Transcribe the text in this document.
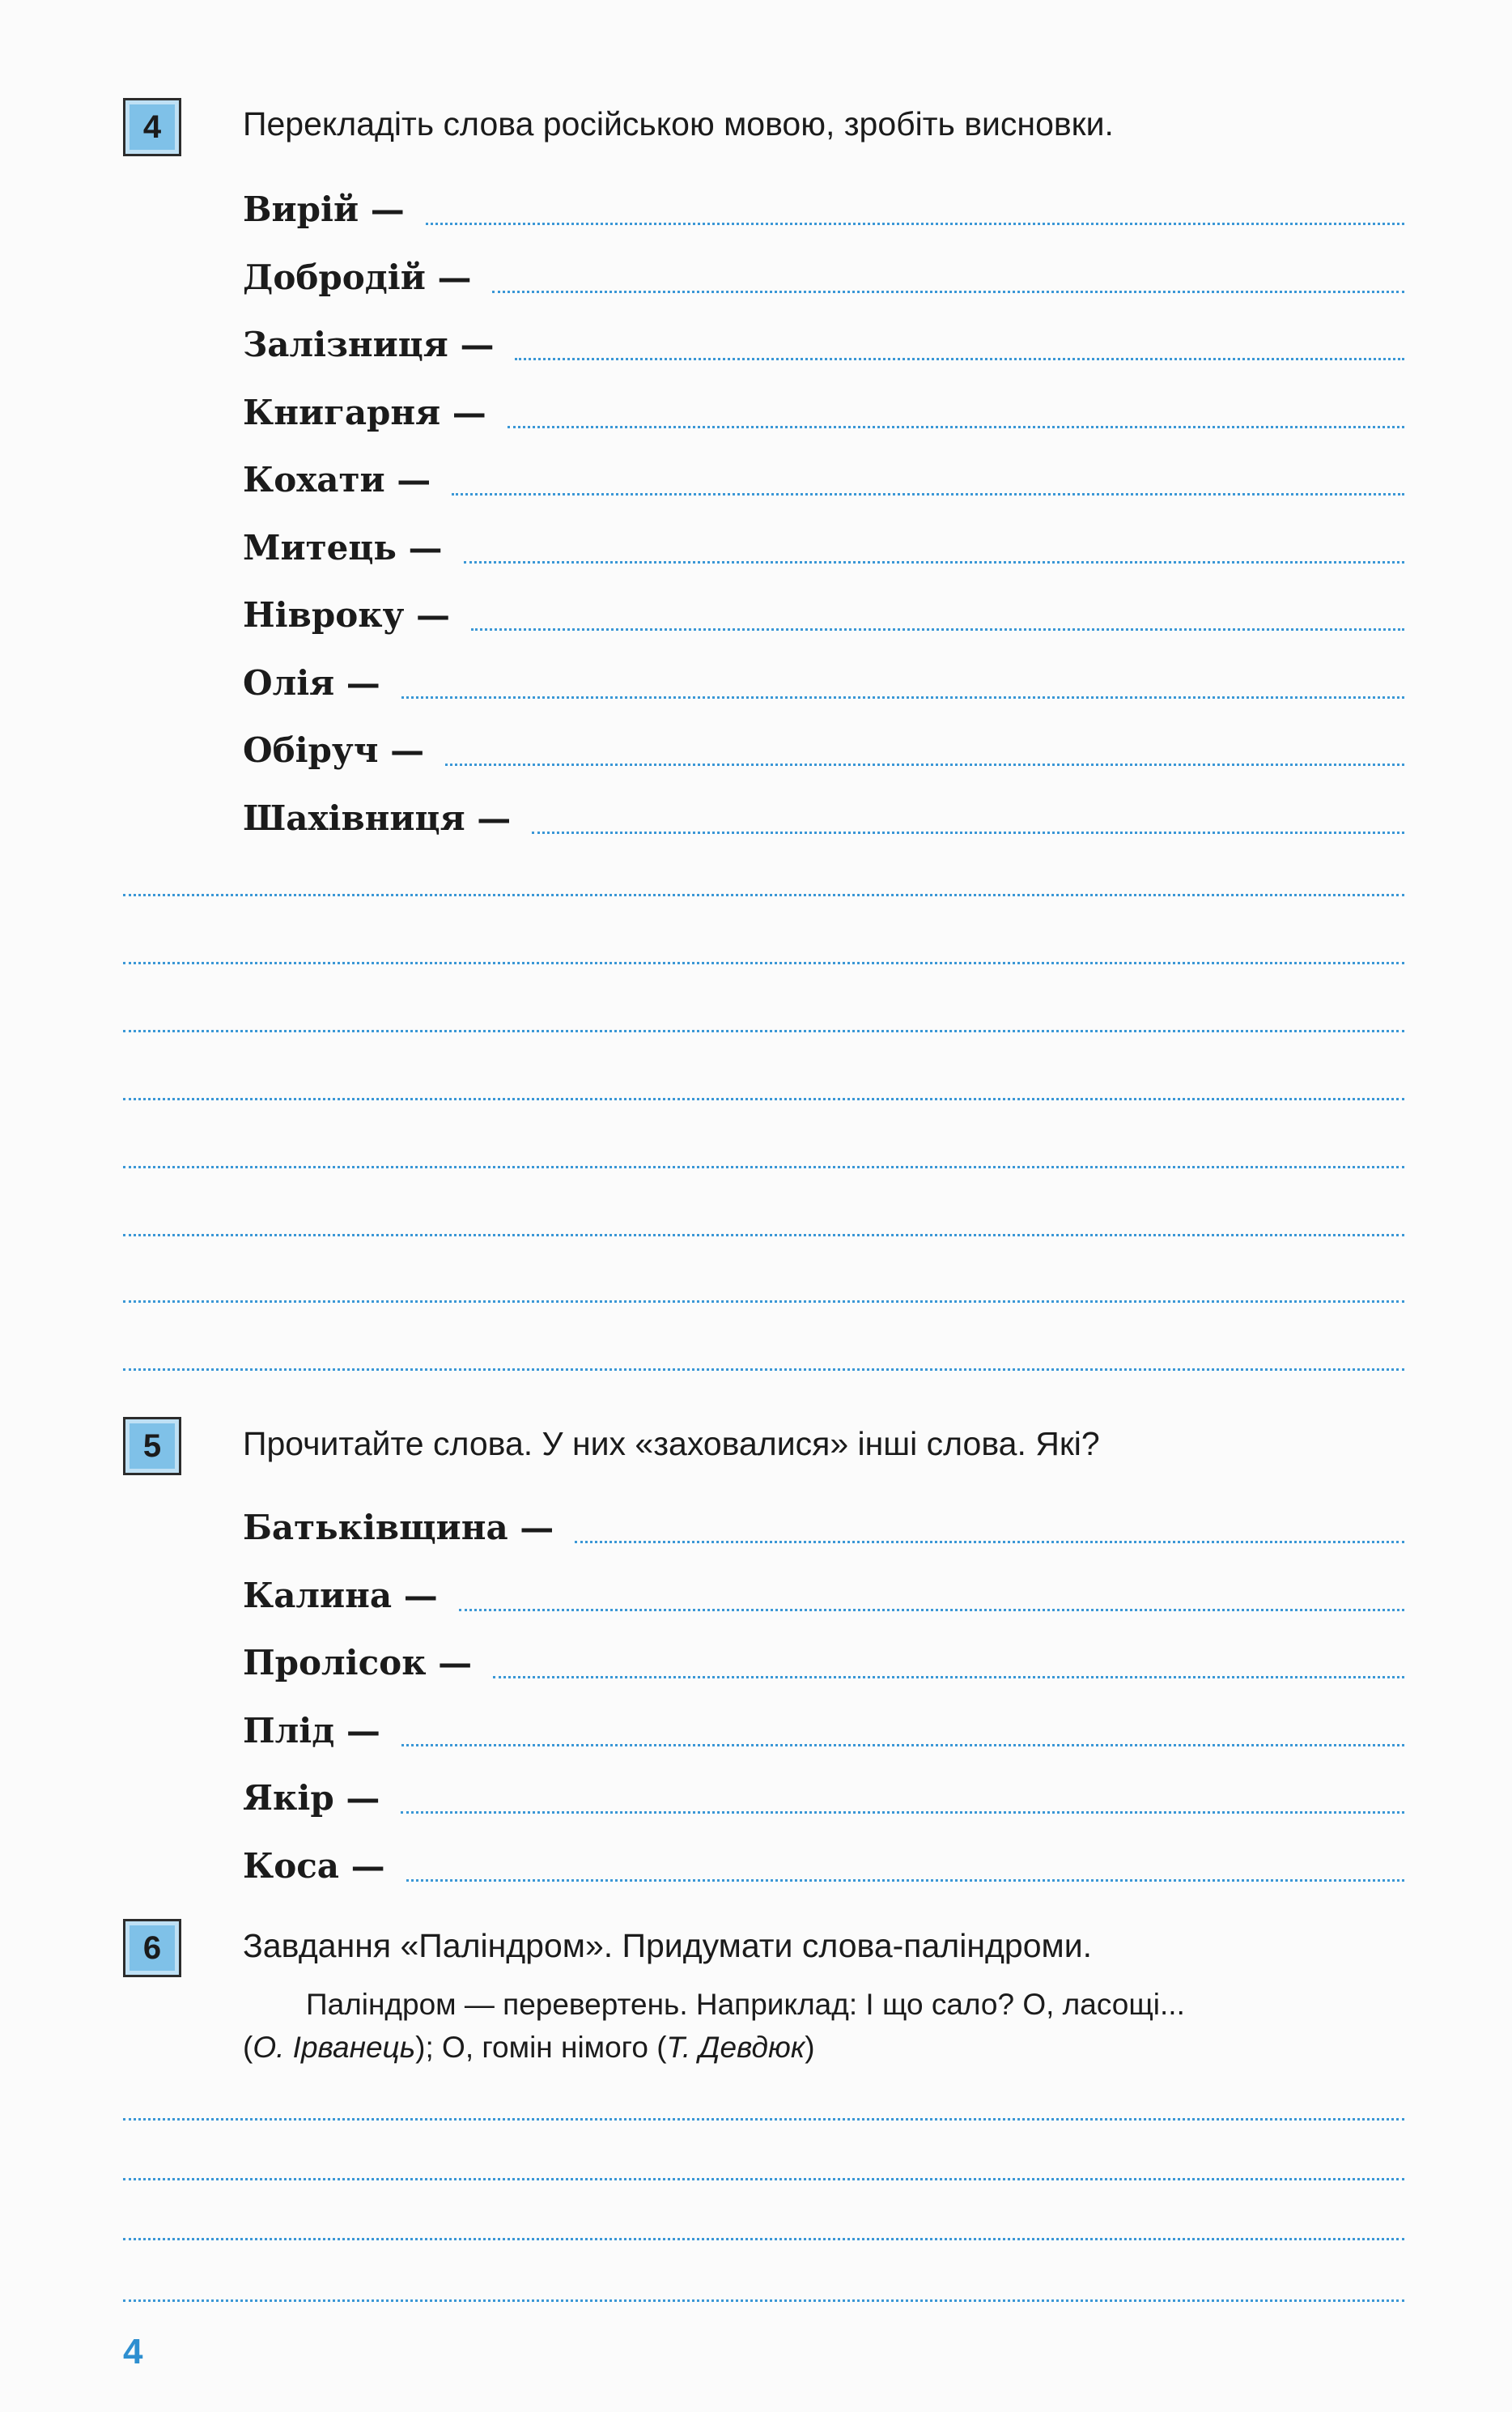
4	Перекладіть слова російською мовою, зробіть висновки.
Вирій —
Добродій —
Залізниця —
Книгарня —
Кохати —
Митець —
Нівроку —
Олія —
Обіруч —
Шахівниця —
5	Прочитайте слова. У них «заховалися» інші слова. Які?
Батьківщина —
Калина —
Пролісок —
Плід —
Якір —
Коса —
6	Завдання «Паліндром». Придумати слова-паліндроми.
Паліндром — перевертень. Наприклад: І що сало? О, ласощі...
(О. Ірванець); О, гомін німого (Т. Девдюк)
4
